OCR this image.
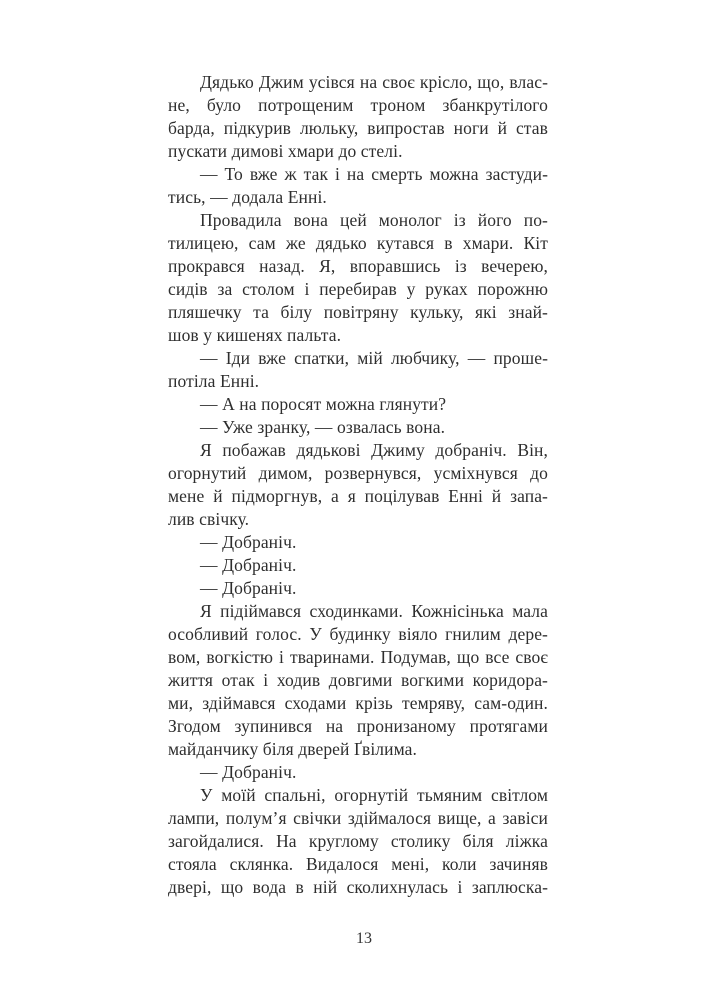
Дядько Джим усівся на своє крісло, що, влас-
не, було потрощеним троном збанкрутілого
барда, підкурив люльку, випростав ноги й став
пускати димові хмари до стелі.
— То вже ж так і на смерть можна застуди-
тись, — додала Енні.
Провадила вона цей монолог із його по-
тилицею, сам же дядько кутався в хмари. Кіт
прокрався назад. Я, впоравшись із вечерею,
сидів за столом і перебирав у руках порожню
пляшечку та білу повітряну кульку, які знай-
шов у кишенях пальта.
— Іди вже спатки, мій любчику, — проше-
потіла Енні.
— А на поросят можна глянути?
— Уже зранку, — озвалась вона.
Я побажав дядькові Джиму добраніч. Він,
огорнутий димом, розвернувся, усміхнувся до
мене й підморгнув, а я поцілував Енні й запа-
лив свічку.
— Добраніч.
— Добраніч.
— Добраніч.
Я підіймався сходинками. Кожнісінька мала
особливий голос. У будинку віяло гнилим дере-
вом, вогкістю і тваринами. Подумав, що все своє
життя отак і ходив довгими вогкими коридора-
ми, здіймався сходами крізь темряву, сам-один.
Згодом зупинився на пронизаному протягами
майданчику біля дверей Ґвілима.
— Добраніч.
У моїй спальні, огорнутій тьмяним світлом
лампи, полум’я свічки здіймалося вище, а завіси
загойдалися. На круглому столику біля ліжка
стояла склянка. Видалося мені, коли зачиняв
двері, що вода в ній сколихнулась і заплюска-
13
